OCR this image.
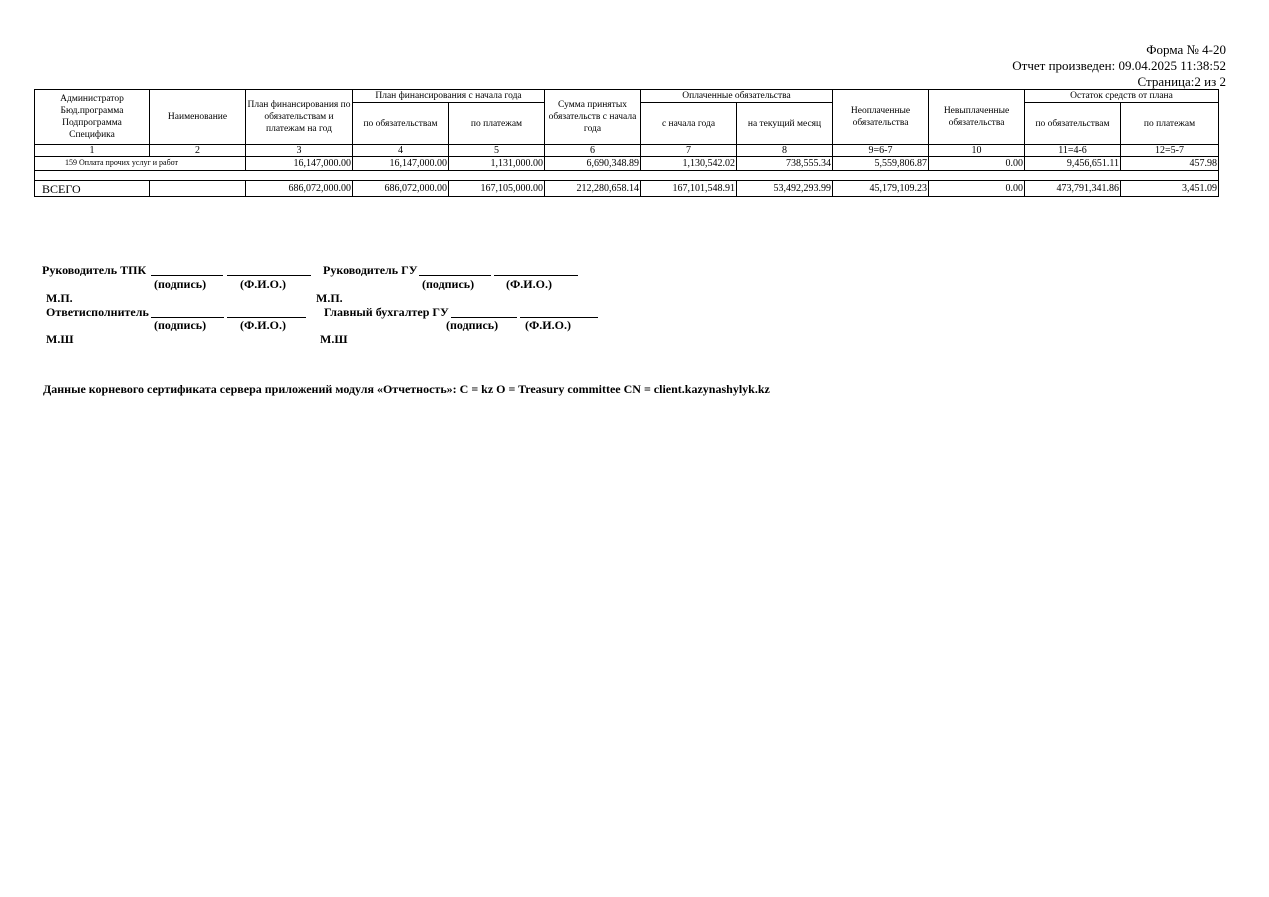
Форма № 4-20
Отчет произведен: 09.04.2025 11:38:52
Страница:2 из 2
Администратор
Бюд.программа
Подпрограмма
Специфика	Наименование	План финансирования по обязательствам и платежам на год	План финансирования с начала года		Сумма принятых обязательств с начала года	Оплаченные обязательства		Неоплаченные обязательства	Невыплаченные обязательства	Остаток средств от плана	
			по обязательствам	по платежам		с начала года	на текущий месяц			по обязательствам	по платежам
1	2	3	4	5	6	7	8	9=6-7	10	11=4-6	12=5-7
159 Оплата прочих услуг и работ		16,147,000.00	16,147,000.00	1,131,000.00	6,690,348.89	1,130,542.02	738,555.34	5,559,806.87	0.00	9,456,651.11	457.98

ВСЕГО		686,072,000.00	686,072,000.00	167,105,000.00	212,280,658.14	167,101,548.91	53,492,293.99	45,179,109.23	0.00	473,791,341.86	3,451.09
Руководитель ТПК
(подпись)	(Ф.И.О.)
Руководитель ГУ
(подпись)	(Ф.И.О.)
М.П.	М.П.
Ответисполнитель
(подпись)	(Ф.И.О.)
Главный бухгалтер ГУ
(подпись) (Ф.И.О.)
М.Ш	М.Ш
Данные корневого сертификата сервера приложений модуля «Отчетность»: C = kz O = Treasury committee CN = client.kazynashylyk.kz
